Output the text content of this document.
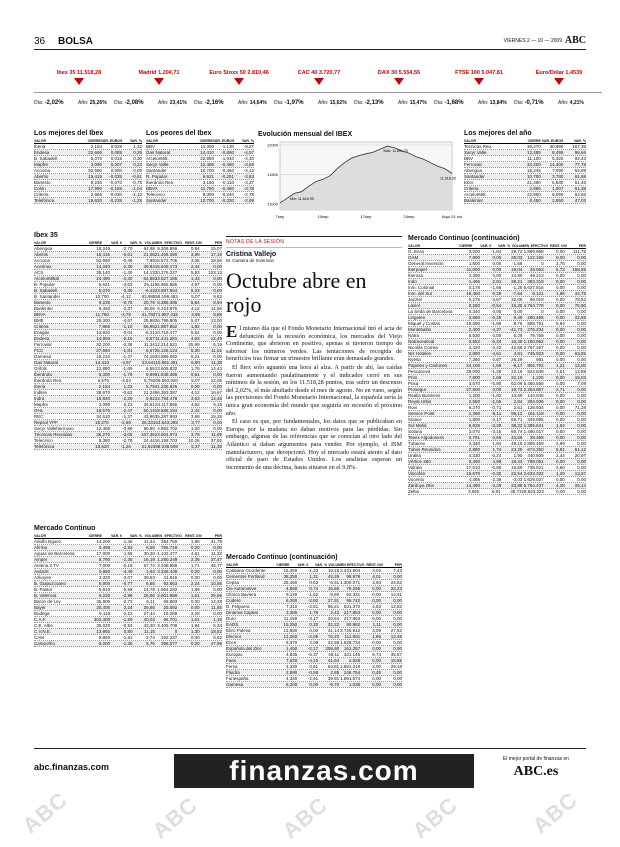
36 BOLSA	VIERNES 2 — 10 — 2009 ABC
Ibex 35 11.518,28
Día: -2,02%	Año: 25,26%
Madrid 1.204,71
Día: -2,08%	Año: 23,41%
Euro Stoxx 50 2.810,46
Día: -2,16%	Año: 14,64%
CAC 40 3.720,77
Día: -1,97%	Año: 15,62%
DAX 30 5.554,55
Día: -2,13%	Año: 15,47%
FTSE 100 5.047,81
Día: -1,68%	Año: 13,84%
Euro/Dólar 1,4539
Día: -0,71%	Año: 4,21%
Los mejores del Ibex
VALOR	CIERRE VAR. EUROS	VAR. %
Iberia	2,154	0,028	1,32
Endesa	22,665	0,085	0,29
B. Sabadell	5,070	0,015	0,30
Mapfre	3,090	0,007	0,23
Acciona	92,590	0,000	0,00
Abertis	15,415	-0,035	-0,61
Banesto	9,230	-0,070	-0,75
Colón	17,990	-0,155	-1,04
Criteria	2,965	-0,030	-1,10
Telefónica	18,620	-0,235	-1,25
Los peores del Ibex
VALOR	CIERRE VAR. EUROS	VAR. %
BBV	11,300	-1,130	-9,27
Gas Natural	14,410	-0,690	-4,57
ArcelorMitt.	22,950	-1,040	-4,30
Sacyr Valle.	12,485	-0,480	-3,69
Santander	10,700	-0,460	-4,12
R. Popular	6,621	-0,251	-3,63
Iberdrola Ren.	3,150	-0,110	-3,37
BBVA	11,760	-0,460	-3,78
Telecinco	8,390	-0,240	-2,78
Santander	10,700	-0,330	-2,99
Evolución mensual del IBEX
12000
11500
11000
7sep	10sep	17sep	24sep	Aquí 01 oct
Máx: 11.891,20
Mín: 11.618,95
11.518,28
Los mejores del año
VALOR	CIERRE VAR. EUROS	VAR. %
Tecnicas Reu.	36,270	30,880	167,36
Sacyr Valle.	12,485	8,495	98,66
BBV	11,100	5,320	92,43
Ferrovial	32,200	14,400	77,78
Abengoa	18,245	7,090	64,99
Santander	10,700	3,780	61,68
Ebro	21,490	6,830	51,46
Criteria	2,965	1,007	51,38
ArcelorMitt.	22,950	8,090	54,56
Bankinter	8,450	2,950	47,03
Ibex 35
VALOR	CIERRE	VAR. €	VAR. % VOLUMEN EFECTIVO RENT. DIV	PER
Abengoa	18,245	-2,70	64,98 9.206.956	0,94	15,07
Abertis	15,415	-0,61	21,08 21.406.390	3,89	17,19
Acciona	92,590	-0,48	7,99 15.572.706	3,06	19,55
Acerinox	14,340	-2,30	39,83 15.949.173	2,44	0,00
ACS	35,140	-1,40	14,13 30.276.227	5,93	103,13
ArcelorMittal	24,490	-4,30	64,86 33.627.185	1,43	0,00
B. Popular	6,621	-3,63	25,11 96.965.886	4,97	0,00
B. Sabadell	5,070	0,30	-6,43 23.887.564	5,33	0,00
B. Santander	10,700	-4,12	63,98 559.199.482	5,07	9,82
Banesto	9,230	-0,75	20,79 6.385.385	5,84	8,94
Bankinter	8,450	-2,37	48,06 6.223.875	4,12	11,55
BBVA	11,760	-3,78	41,79 371.957.415	3,95	8,88
BME	25,300	-4,67	25,98 26.799.805	5,07	13,00
Criteria	7,865	-1,10	66,96 21.887.852	1,82	0,00
Enagás	13,820	-0,04	-6,21 10.718.477	5,54	0,00
Endesa	14,950	-0,16	6,57 11.441.281	4,63	12,49
Ferrovial	32,200	-0,38	11,34 12.214.521	25,99	6,19
FCC	27,660	-1,81	6,57 26.126.124	5,30	11,62
Gamesa	15,210	-1,47	74,18 33.889.092	6,21	0,00
Gas Natural	14,410	-4,57	23,64 110.881.481	6,80	11,38
Grifols	12,880	-1,69	6,55 13.606.832	1,76	14,43
Iberdrola	6,300	-1,79	9,89 91.648.385	0,61	0,00
Iberdrola Ren.	6,575	-3,64	6,79 209.593.920	5,07	12,05
Iberia	2,154	1,32	8,79 41.235.825	0,00	0,00
Inditex	38,970	-0,62	21,24 96.353.387	4,12	16,67
Indra	16,820	-2,29	5,82 14.794.478	3,63	14,48
Mapfre	3,090	0,23	34,61 24.117.855	4,92	9,15
OHL	18,575	-2,47	50,14 18.586.184	2,42	0,00
REC	34,510	-1,37	43,96 35.287.993	3,68	15,28
Repsol YPF	18,270	-2,69	26,33 153.643.285	3,77	0,00
Sacyr Vallehermoso	12,485	-3,69	96,90 4.882.702	1,20	0,00
Técnicas Reunidas	36,270	-3,05	167,36 23.604.973	3,76	11,95
Telecinco	8,380	-2,78	24,44 16.158.703	10,26	37,92
Telefónica	18,620	-1,25	21,52 388.038.608	5,37	11,38
Mercado Continuo
VALOR	CIERRE	VAR. €	VAR. % VOLUMEN EFECTIVO RENT. DIV	PER
Adolfo Dguez.	14,200	-1,36	11,44	384.760	1,86	31,78
Afirma	0,495	-2,93	8,58	795.718	0,00	0,00
Aguas de Barcelona	17,000	1,68	30,20 1.132.477	4,61	11,32
Amper	8,790	-1,35	16,19 1.290.249	2,36	37,47
Antena 3 TV	7,000	-0,18	67,72 3.338.888	1,71	45,77
Avánzit	0,850	-4,49	1,64 3.346.438	0,00	0,00
Azkoyen	3,320	-3,07	38,53	41.816	0,00	0,00
B. Guipuzcoano	5,900	-0,77	6,65	92.863	2,24	10,56
B. Pastor	5,910	-5,58	24,78 1.954.282	1,89	0,00
B. Valencia	6,220	-2,96	26,56 2.601.988	1,61	26,68
Baron de Ley	35,900	-2,72	6,11	68.883	0,00	12,28
Bayer	25,400	2,24	26,65	25.592	0,00	11,65
Bodega	9,110	-2,22	27,44	19.289	2,20	0,00
C.A.F.	303,400	-1,59	40,03	66.701	1,01	1,16
C.E. Alba	35,020	-0,53	43,20 3.406.708	1,94	5,34
C.V.N.E.	13,950	0,80	11,15	0	1,30	18,52
CAM	8,850	-1,81	-2,74	292.237	0,00	8,62
Campofrío	8,000	-1,35	5,75	398.577	0,00	47,98
NOTAS DE LA SESIÓN
Cristina Vallejo
M. Cantera de Inversión
Octubre abre en rojo

El mismo día que el Fondo Monetario Internacional tiró el acta de defunción de la recesión económica, los mercados del Viejo Continente, que abrieron en positivo, apenas si tuvieron tiempo de saborear los números verdes. Las tentaciones de recogida de beneficios tras firmar un trimestre brillante eran demasiado grandes.

El Ibex sólo aguantó una hora al alza. A partir de ahí, las caídas fueron aumentando paulatinamente y el indicador cerró en sus mínimos de la sesión, en los 11.518,28 puntos, tras sufrir un descenso del 2,02%, el más abultado desde el mes de agosto. No en vano, según las previsiones del Fondo Monetario Internacional, la española sería la única gran economía del mundo que seguiría en recesión el próximo año.

El caso es que, por fundamentales, los datos que se publicaban en Europa por la mañana no daban motivos para las pérdidas. Sin embargo, algunas de las referencias que se conocían al otro lado del Atlántico sí daban argumentos para vender. Por ejemplo, el ISM manufacturero, que decepcionó. Hoy el mercado estará atento al dato oficial de paro de Estados Unidos. Los analistas esperan un incremento de una décima, hasta situarse en el 9,8%.

Mercado Continuo (continuación)
VALOR	CIERRE	VAR. €	VAR. % VOLUMEN EFECTIVO RENT. DIV	PER
Catalana Occidente	15,350	-1,23	18,18 2.431.804	3,02	7,43
Cementos Portland	35,250	1,31	45,28	99.978	4,01	0,00
Cepsa	25,450	0,63	-6,51 1.300.071	3,93	24,52
Cie Automotive	4,890	0,74	16,65	79.265	0,00	22,23
Clínica Baviera	9,140	-1,62	-8,60	52.331	0,00	14,61
Codere	6,260	-2,92	27,91	96.742	0,00	0,00
D. Felguera	7,310	-2,81	95,21	531.370	4,83	12,82
Dinamia Capital	3,385	1,78	2,43	217.853	0,00	0,00
Duro	11,150	-3,17	20,64	217.853	0,00	0,00
EADS	15,250	0,20	32,22	90.982	1,11	0,00
Ebro Puleva	13,880	0,00	41,14 3.726.912	3,09	27,52
Elecnor	12,260	-2,08	76,23	111.801	1,85	12,46
Ence	8,370	2,08	22,58 1.828.734	0,00	0,00
Española del Zinc	1,450	-2,17	208,60	161.257	0,00	0,00
Europac	4,835	-5,37	49,11	321.145	8,74	35,87
Faes	7,620	-4,15	41,84	4.828	0,00	15,55
Fersa	4,330	0,81	64,81 1.681.319	2,00	29,18
Fluidra	2,990	-0,58	2,85	246.754	0,45	0,00
Funespaña	4,340	-2,61	39,91 1.891.874	0,00	0,00
Gamesa	6,200	0,00	-9,70	1.035	0,00	0,00
Mercado Continuo (continuación)
VALOR	CIERRE	VAR. €	VAR. % VOLUMEN EFECTIVO RENT. DIV	PER
G. Enso	3,000	-1,84	28,72 1.889.868	0,00	111,76
GAM	7,800	0,00	28,03	122.165	0,00	0,00
General Inversión	1,600	0,00	-1,58	0	3,75	0,00
Iberpapel	11,000	0,00	19,04	29.563	6,73	168,55
Iberosa	2,300	0,00	14,90	49.213	0,00	0,00
Indo	1,465	2,81	38,21	383.319	0,00	0,00
Inm. Colonial	0,178	-1,66	-1,25 6.627.816	0,00	0,00
Inm. del Sur	19,450	0,26	-7,64	8.121	1,95	44,78
Jazztel	0,275	-3,67	32,05	68.019	0,00	78,52
Laviol	0,250	-0,54	16,35 4.764.778	0,00	76,90
La Seda de Barcelona	0,340	0,00	0,00	0	0,00	0,00
Lingotes	3,860	-0,25	8,49	290.456	0,00	22,58
Miquel y Costas	18,690	-1,89	8,75	688.761	5,94	0,00
Montebalito	2,400	-4,37	-41,73	276.234	0,00	0,00
Natra	5,530	0,00	6,29	79.759	0,00	0,00
Natraceutical	0,552	-5,34	16,48 1.180.962	0,00	0,00
Nicolás Correa	4,420	-2,42	42,68 3.767.467	0,00	0,00
NH Hoteles	2,890	-4,61	4,81	745.823	0,00	63,85
Nyesa	7,360	0,87	26,29	981	0,00	0,00
Papeles y Cartones	24,100	1,69	-8,17	802.702	1,21	13,00
Pescanova	28,000	-1,28	22,19	822.849	2,51	13,88
Prim	7,800	1,68	22,19	1.225	0,00	15,03
Prisa	3,670	-5,90	62,09 5.465.558	0,00	7,09
Prosegur	27,500	0,00	19,73 2.254.867	2,71	0,00
Realia Business	1,200	-1,82	10,69	144.945	0,00	0,00
Reyal Urbis	2,550	-1,65	2,84	284.936	0,00	0,00
Rovi	6,270	-0,71	2,61	128.934	0,00	71,28
Service Point	1,390	-6,11	96,12	161.119	0,00	0,00
Sniace	1,800	-2,17	65,71	349.856	0,00	0,00
Sol Meliá	6,826	-3,29	38,22 1.385.541	1,94	0,00
Solaria	3,070	-3,15	60,74 1.490.017	0,00	0,00
Tavex Algodonera	0,761	0,66	43,58	28.358	0,00	0,00
Tubacex	3,340	1,84	48,18 2.859.459	2,99	0,00
Tubos Reunidos	2,880	1,74	23,29	674.250	5,91	51,12
Uralita	4,330	-0,24	1,90	440.609	2,44	20,97
Vértice 360	0,400	4,98	18,43	798.051	0,00	0,00
Vidrala	17,510	-0,85	16,59	738.521	2,60	0,00
Viscofan	16,670	-0,30	22,54 2.633.332	1,29	13,67
Vocento	4,485	-2,39	-3,03 1.629.027	0,00	0,00
Zardoya Otis	14,490	-2,29	23,89 5.764.437	4,28	25,14
Zeltia	3,550	6,81	36,73 28.823.222	0,00	0,00
abc.finanzas.com	finanzas.com	El mejor portal de finanzas en
ABC.es
ABC	ABC	ABC	ABC	ABC
